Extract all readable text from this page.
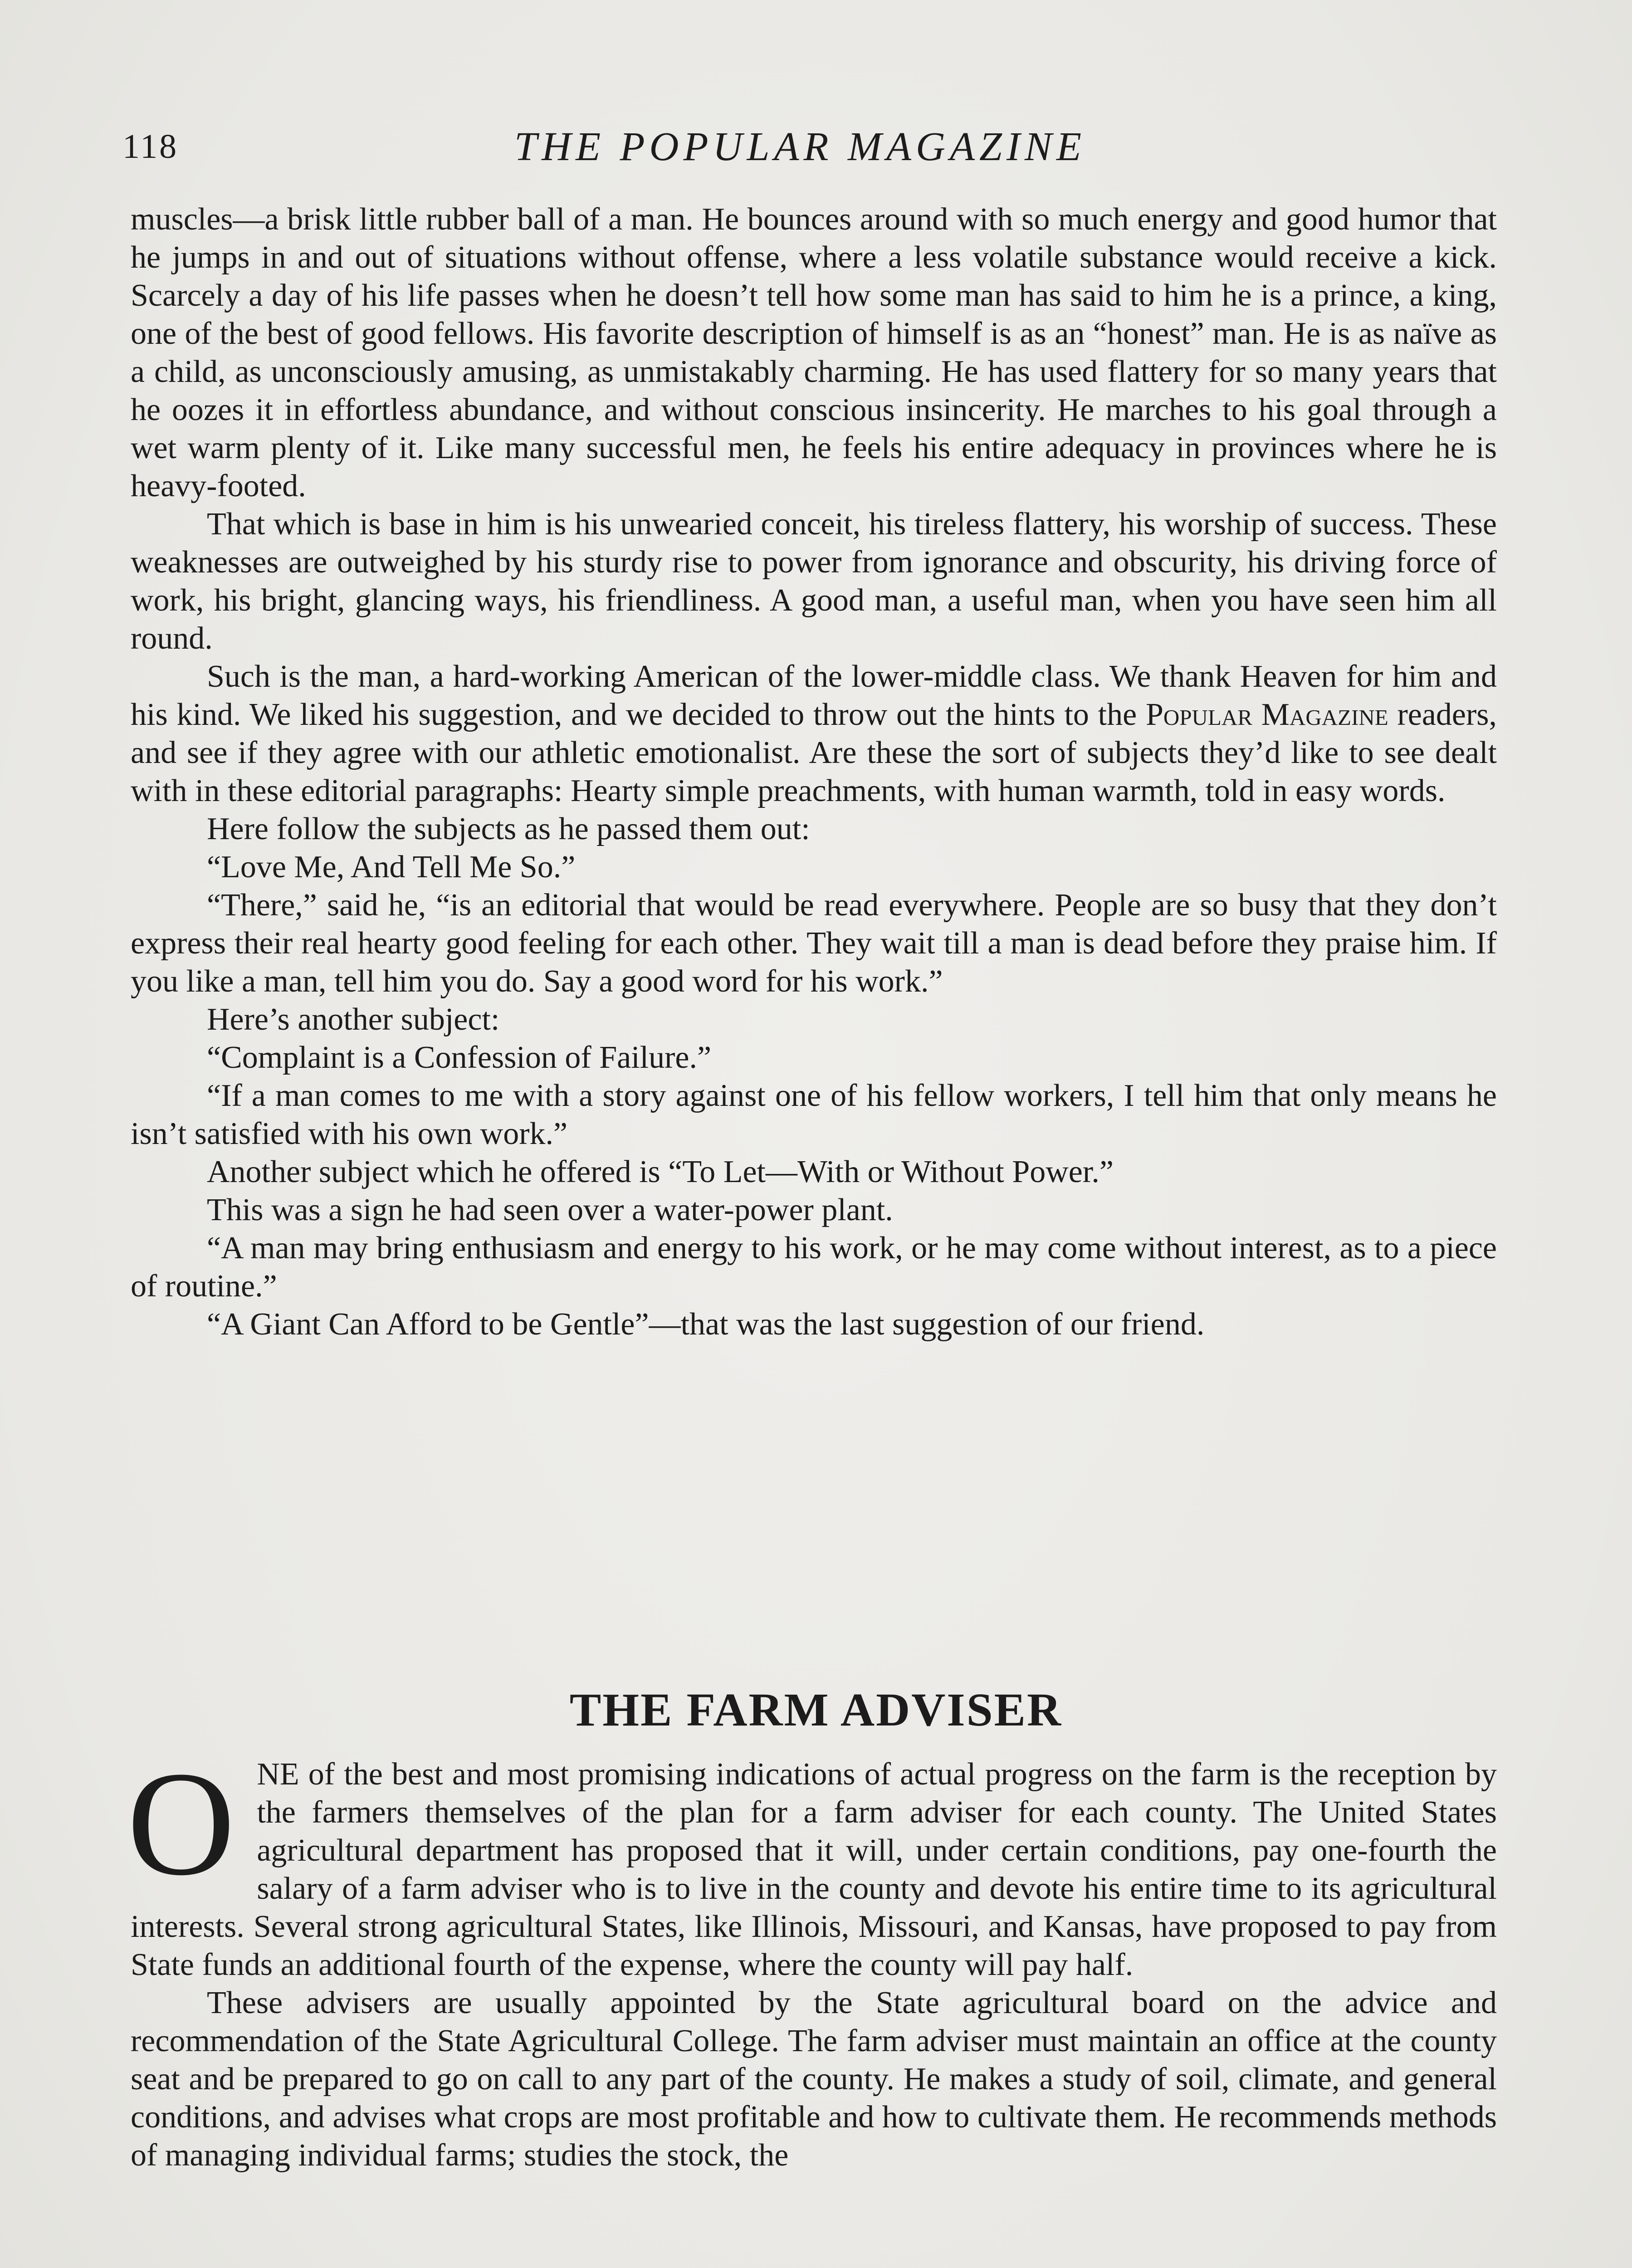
118	THE POPULAR MAGAZINE

muscles—a brisk little rubber ball of a man. He bounces around with so much energy and good humor that he jumps in and out of situations without offense, where a less volatile substance would receive a kick. Scarcely a day of his life passes when he doesn’t tell how some man has said to him he is a prince, a king, one of the best of good fellows. His favorite description of himself is as an “honest” man. He is as naïve as a child, as unconsciously amusing, as unmistakably charming. He has used flattery for so many years that he oozes it in effortless abundance, and without conscious insincerity. He marches to his goal through a wet warm plenty of it. Like many successful men, he feels his entire adequacy in provinces where he is heavy-footed.

That which is base in him is his unwearied conceit, his tireless flattery, his worship of success. These weaknesses are outweighed by his sturdy rise to power from ignorance and obscurity, his driving force of work, his bright, glancing ways, his friendliness. A good man, a useful man, when you have seen him all round.

Such is the man, a hard-working American of the lower-middle class. We thank Heaven for him and his kind. We liked his suggestion, and we decided to throw out the hints to the Popular Magazine readers, and see if they agree with our athletic emotionalist. Are these the sort of subjects they’d like to see dealt with in these editorial paragraphs: Hearty simple preachments, with human warmth, told in easy words.

Here follow the subjects as he passed them out:

“Love Me, And Tell Me So.”

“There,” said he, “is an editorial that would be read everywhere. People are so busy that they don’t express their real hearty good feeling for each other. They wait till a man is dead before they praise him. If you like a man, tell him you do. Say a good word for his work.”

Here’s another subject:

“Complaint is a Confession of Failure.”

“If a man comes to me with a story against one of his fellow workers, I tell him that only means he isn’t satisfied with his own work.”

Another subject which he offered is “To Let—With or Without Power.”

This was a sign he had seen over a water-power plant.

“A man may bring enthusiasm and energy to his work, or he may come without interest, as to a piece of routine.”

“A Giant Can Afford to be Gentle”—that was the last suggestion of our friend.

THE FARM ADVISER

ONE of the best and most promising indications of actual progress on the farm is the reception by the farmers themselves of the plan for a farm adviser for each county. The United States agricultural department has proposed that it will, under certain conditions, pay one-fourth the salary of a farm adviser who is to live in the county and devote his entire time to its agricultural interests. Several strong agricultural States, like Illinois, Missouri, and Kansas, have proposed to pay from State funds an additional fourth of the expense, where the county will pay half.

These advisers are usually appointed by the State agricultural board on the advice and recommendation of the State Agricultural College. The farm adviser must maintain an office at the county seat and be prepared to go on call to any part of the county. He makes a study of soil, climate, and general conditions, and advises what crops are most profitable and how to cultivate them. He recommends methods of managing individual farms; studies the stock, the
